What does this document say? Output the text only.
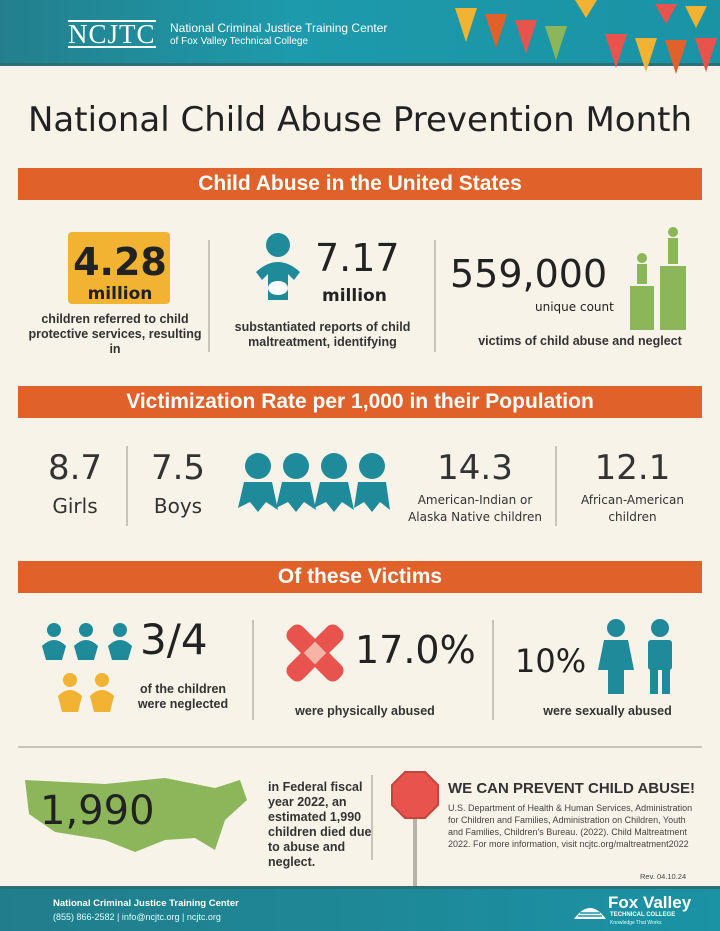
NCJTC National Criminal Justice Training Center
of Fox Valley Technical College
National Child Abuse Prevention Month
Child Abuse in the United States
4.28
million
children referred to child protective services, resulting in
7.17
million
substantiated reports of child maltreatment, identifying
559,000
unique count
victims of child abuse and neglect
Victimization Rate per 1,000 in their Population
8.7
Girls
7.5
Boys
14.3
American-Indian or Alaska Native children
12.1
African-American children
Of these Victims
3/4
of the children were neglected
17.0%
were physically abused
10%
were sexually abused
1,990
in Federal fiscal year 2022, an estimated 1,990 children died due to abuse and neglect.
WE CAN PREVENT CHILD ABUSE!
U.S. Department of Health & Human Services, Administration for Children and Families, Administration on Children, Youth and Families, Children's Bureau. (2022). Child Maltreatment 2022. For more information, visit ncjtc.org/maltreatment2022
Rev. 04.10.24
National Criminal Justice Training Center
(855) 866-2582 | info@ncjtc.org | ncjtc.org
Fox Valley
TECHNICAL COLLEGE
Knowledge That Works
